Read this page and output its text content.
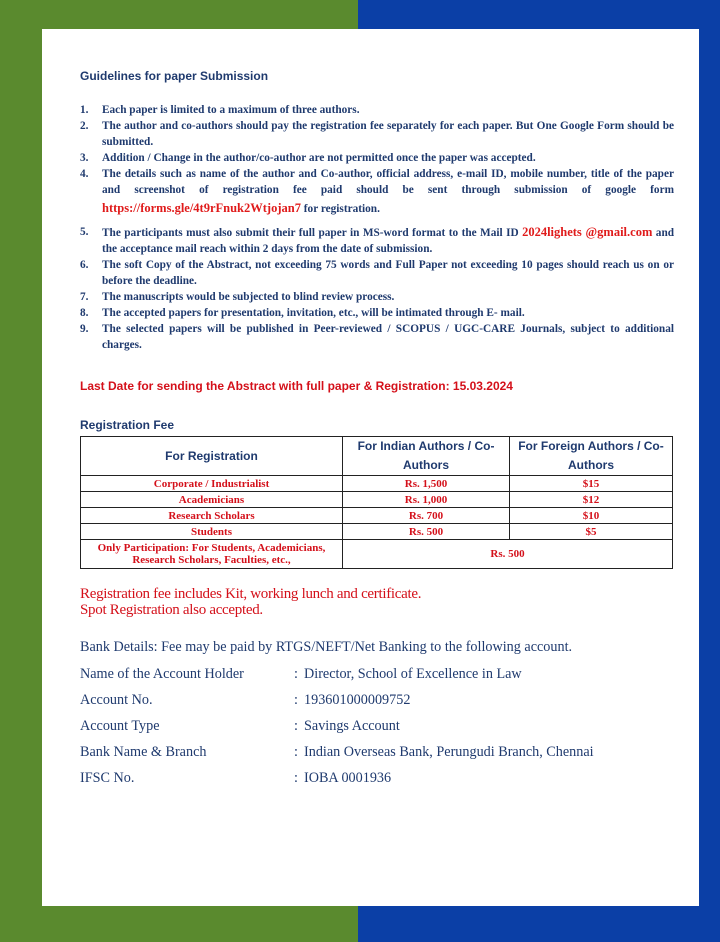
Guidelines for paper Submission
1. Each paper is limited to a maximum of three authors.
2. The author and co-authors should pay the registration fee separately for each paper. But One Google Form should be submitted.
3. Addition / Change in the author/co-author are not permitted once the paper was accepted.
4. The details such as name of the author and Co-author, official address, e-mail ID, mobile number, title of the paper and screenshot of registration fee paid should be sent through submission of google form https://forms.gle/4t9rFnuk2Wtjojan7 for registration.
5. The participants must also submit their full paper in MS-word format to the Mail ID 2024lighets @gmail.com and the acceptance mail reach within 2 days from the date of submission.
6. The soft Copy of the Abstract, not exceeding 75 words and Full Paper not exceeding 10 pages should reach us on or before the deadline.
7. The manuscripts would be subjected to blind review process.
8. The accepted papers for presentation, invitation, etc., will be intimated through E- mail.
9. The selected papers will be published in Peer-reviewed / SCOPUS / UGC-CARE Journals, subject to additional charges.
Last Date for sending the Abstract with full paper & Registration: 15.03.2024
Registration Fee
For Registration	For Indian Authors / Co-Authors	For Foreign Authors / Co-Authors
Corporate / Industrialist	Rs. 1,500	$15
Academicians	Rs. 1,000	$12
Research Scholars	Rs. 700	$10
Students	Rs. 500	$5
Only Participation: For Students, Academicians, Research Scholars, Faculties, etc.,	Rs. 500	
Registration fee includes Kit, working lunch and certificate.
Spot Registration also accepted.
Bank Details: Fee may be paid by RTGS/NEFT/Net Banking to the following account.
Name of the Account Holder	: Director, School of Excellence in Law
Account No.	: 193601000009752
Account Type	: Savings Account
Bank Name & Branch	: Indian Overseas Bank, Perungudi Branch, Chennai
IFSC No.	: IOBA 0001936
